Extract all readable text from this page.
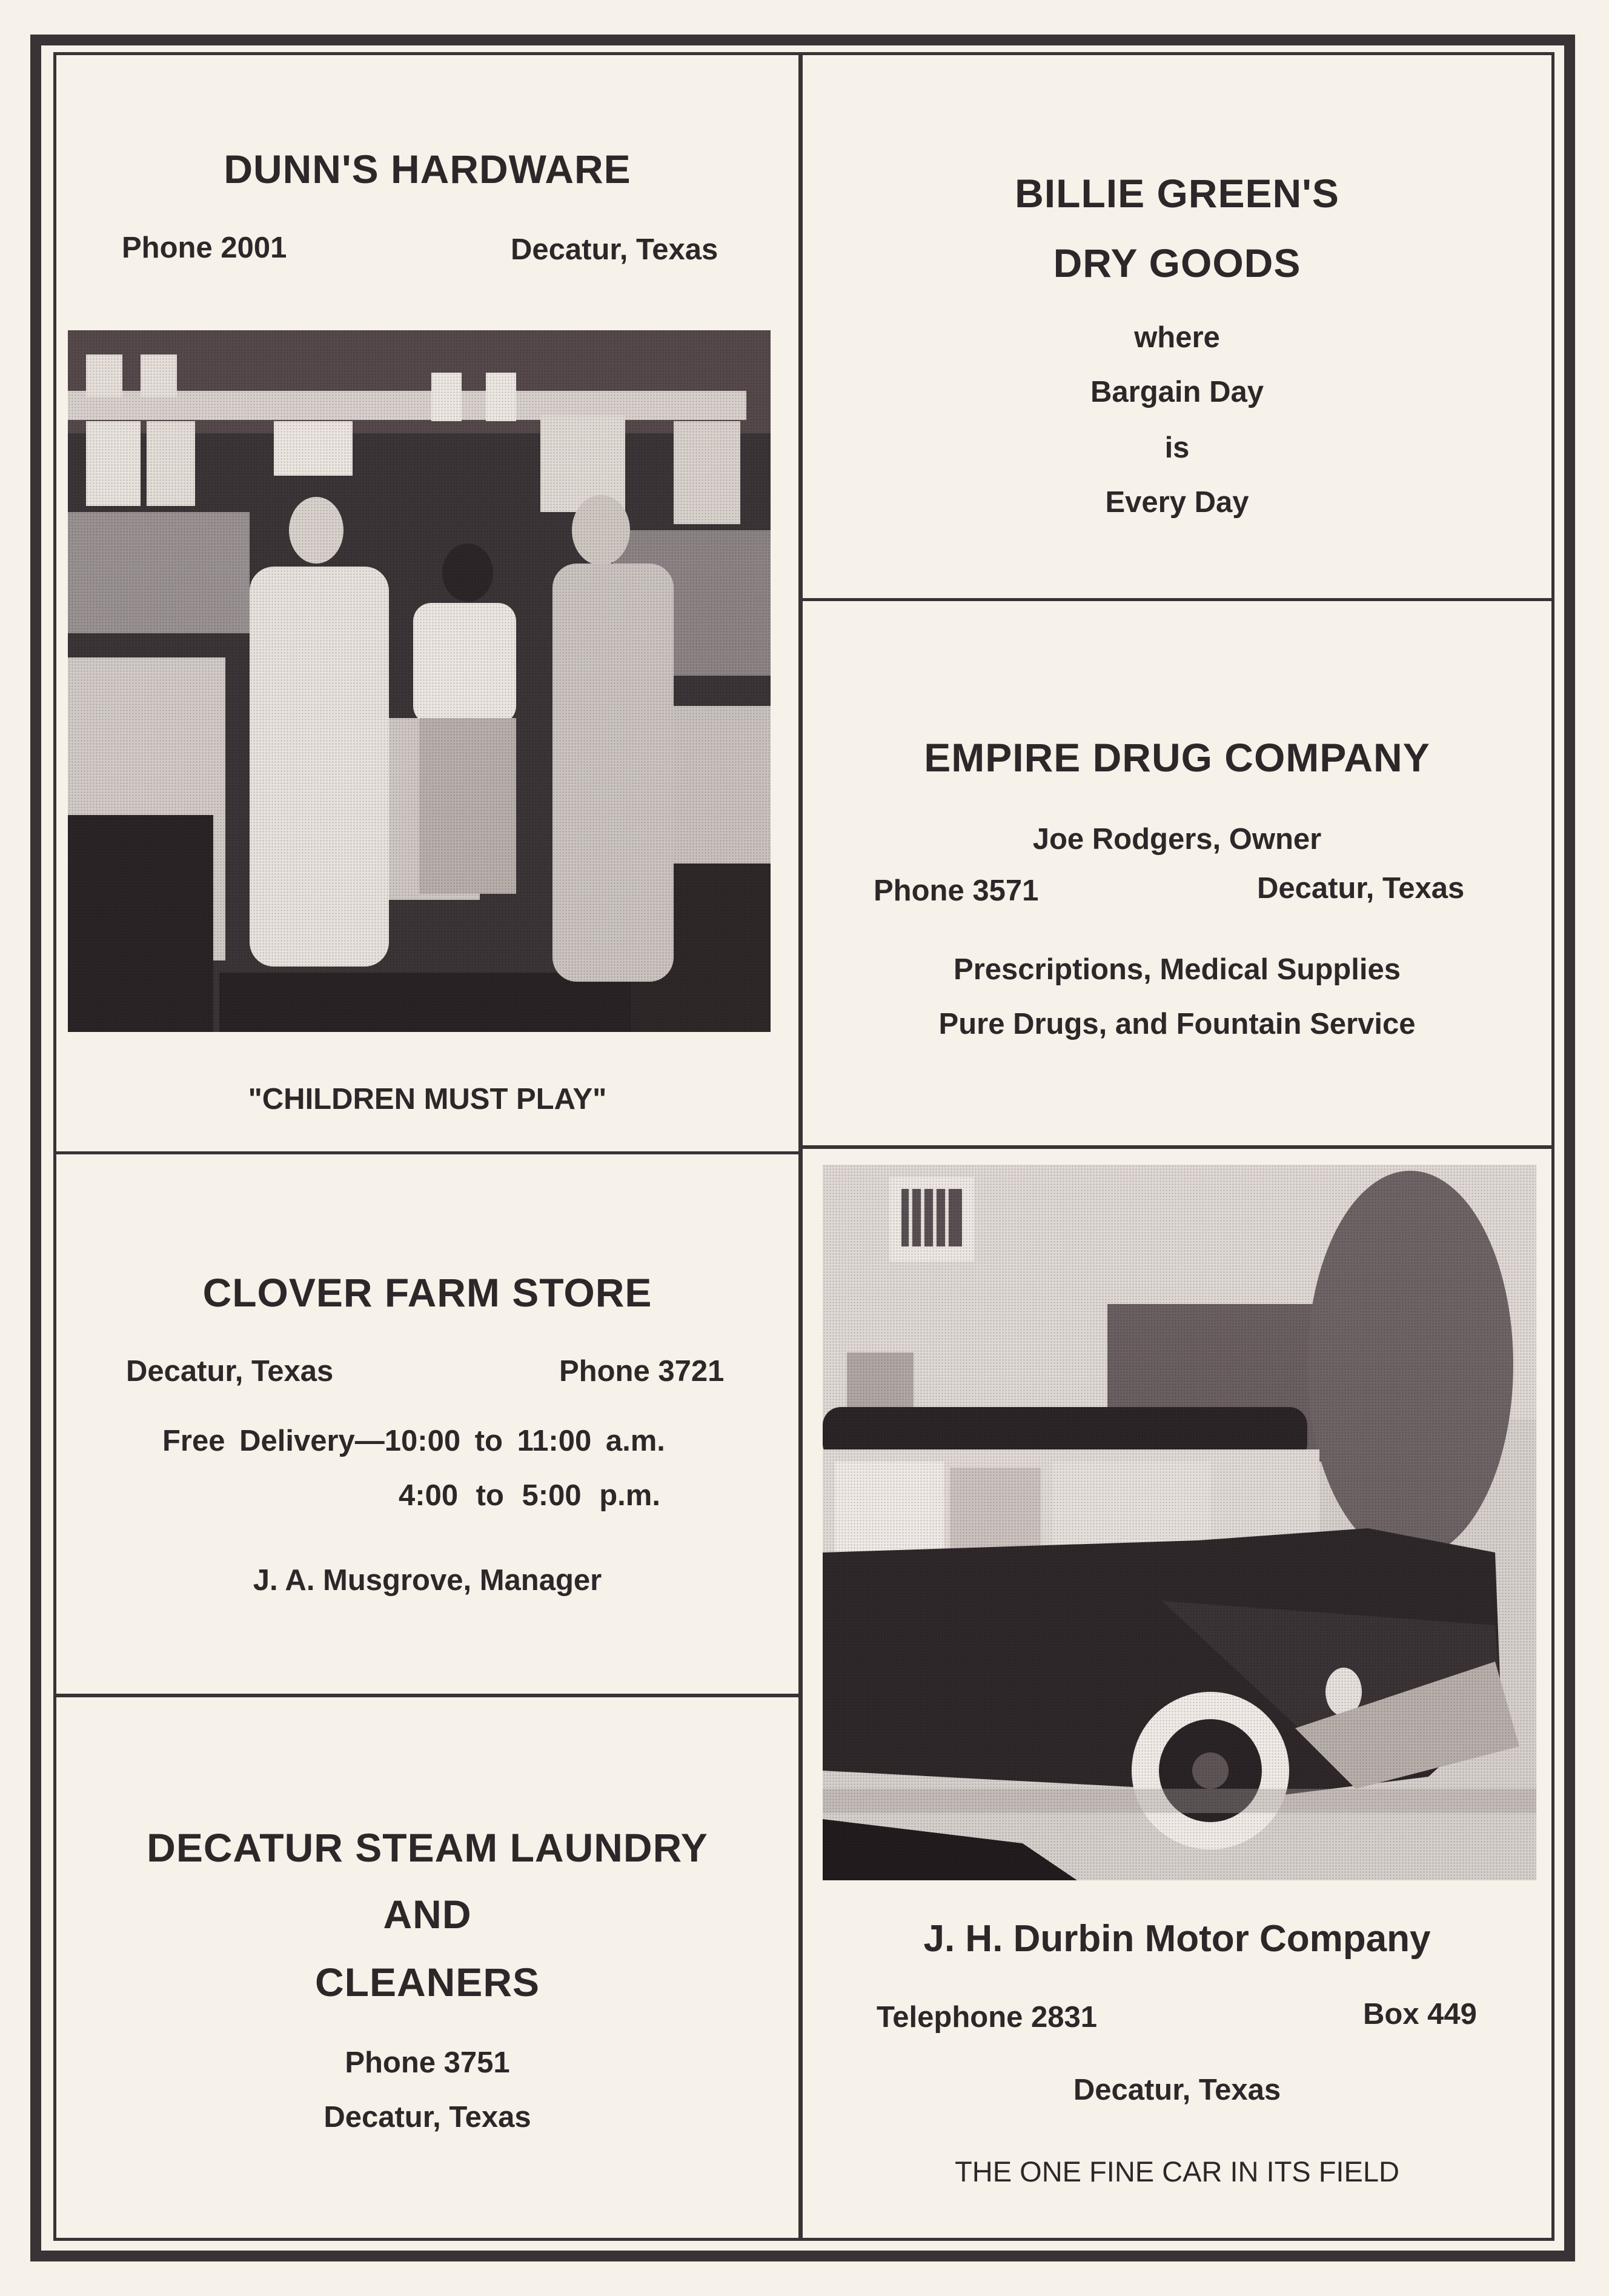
DUNN'S HARDWARE
Phone 2001	Decatur, Texas
"CHILDREN MUST PLAY"
BILLIE GREEN'S
DRY GOODS
where
Bargain Day
is
Every Day
EMPIRE DRUG COMPANY
Joe Rodgers, Owner
Phone 3571	Decatur, Texas
Prescriptions, Medical Supplies
Pure Drugs, and Fountain Service
CLOVER FARM STORE
Decatur, Texas	Phone 3721
Free Delivery—10:00 to 11:00 a.m.
4:00 to 5:00 p.m.
J. A. Musgrove, Manager
DECATUR STEAM LAUNDRY
AND
CLEANERS
Phone 3751
Decatur, Texas
J. H. Durbin Motor Company
Telephone 2831	Box 449
Decatur, Texas
THE ONE FINE CAR IN ITS FIELD
